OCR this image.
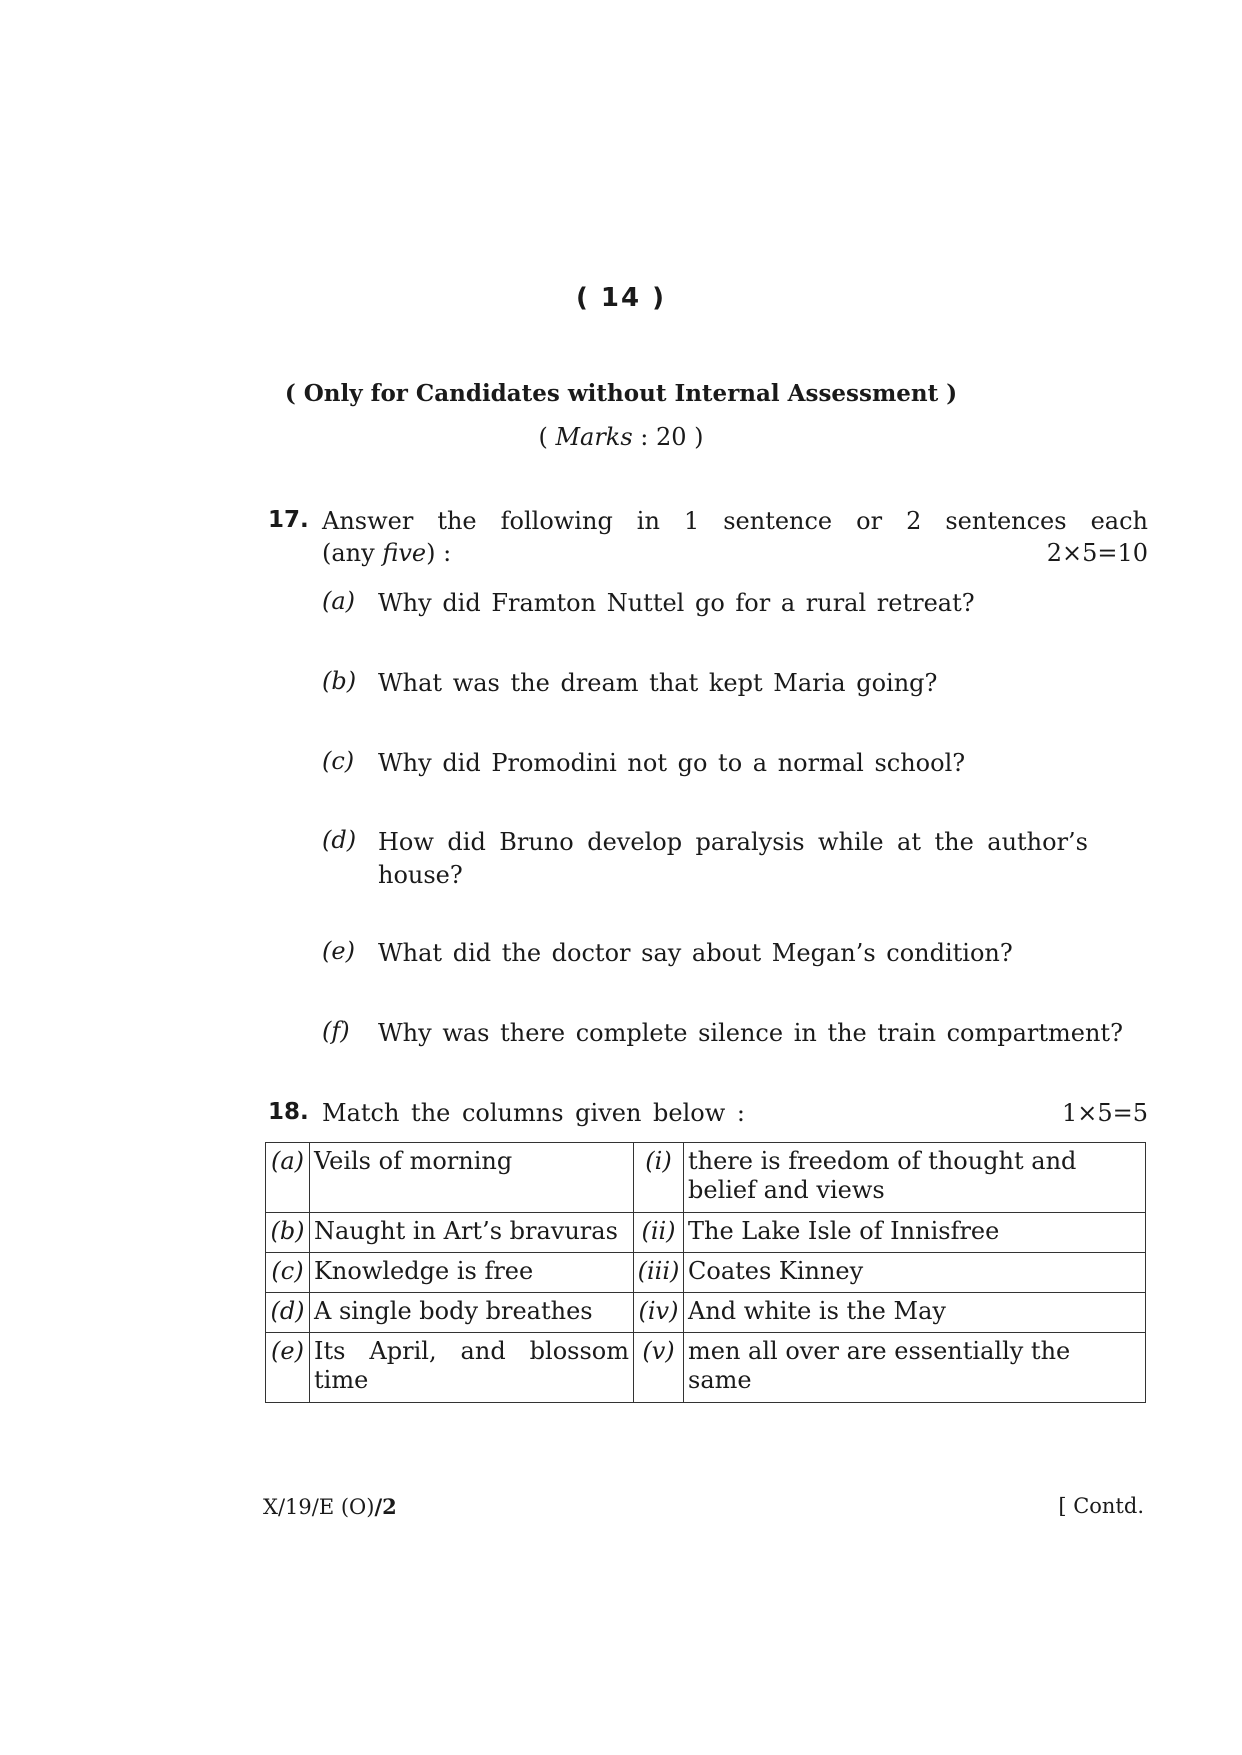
( 14 )
( Only for Candidates without Internal Assessment )
( Marks : 20 )
17. Answer the following in 1 sentence or 2 sentences each
(any five) :	2×5=10
(a) Why did Framton Nuttel go for a rural retreat?
(b) What was the dream that kept Maria going?
(c) Why did Promodini not go to a normal school?
(d) How did Bruno develop paralysis while at the author’s house?
(e) What did the doctor say about Megan’s condition?
(f) Why was there complete silence in the train compartment?
18. Match the columns given below :	1×5=5
(a)	Veils of morning	(i)	there is freedom of thought and belief and views
(b)	Naught in Art’s bravuras	(ii)	The Lake Isle of Innisfree
(c)	Knowledge is free	(iii)	Coates Kinney
(d)	A single body breathes	(iv)	And white is the May
(e)	Its April, and blossom time	(v)	men all over are essentially the same
X/19/E (O)/2	[ Contd.
